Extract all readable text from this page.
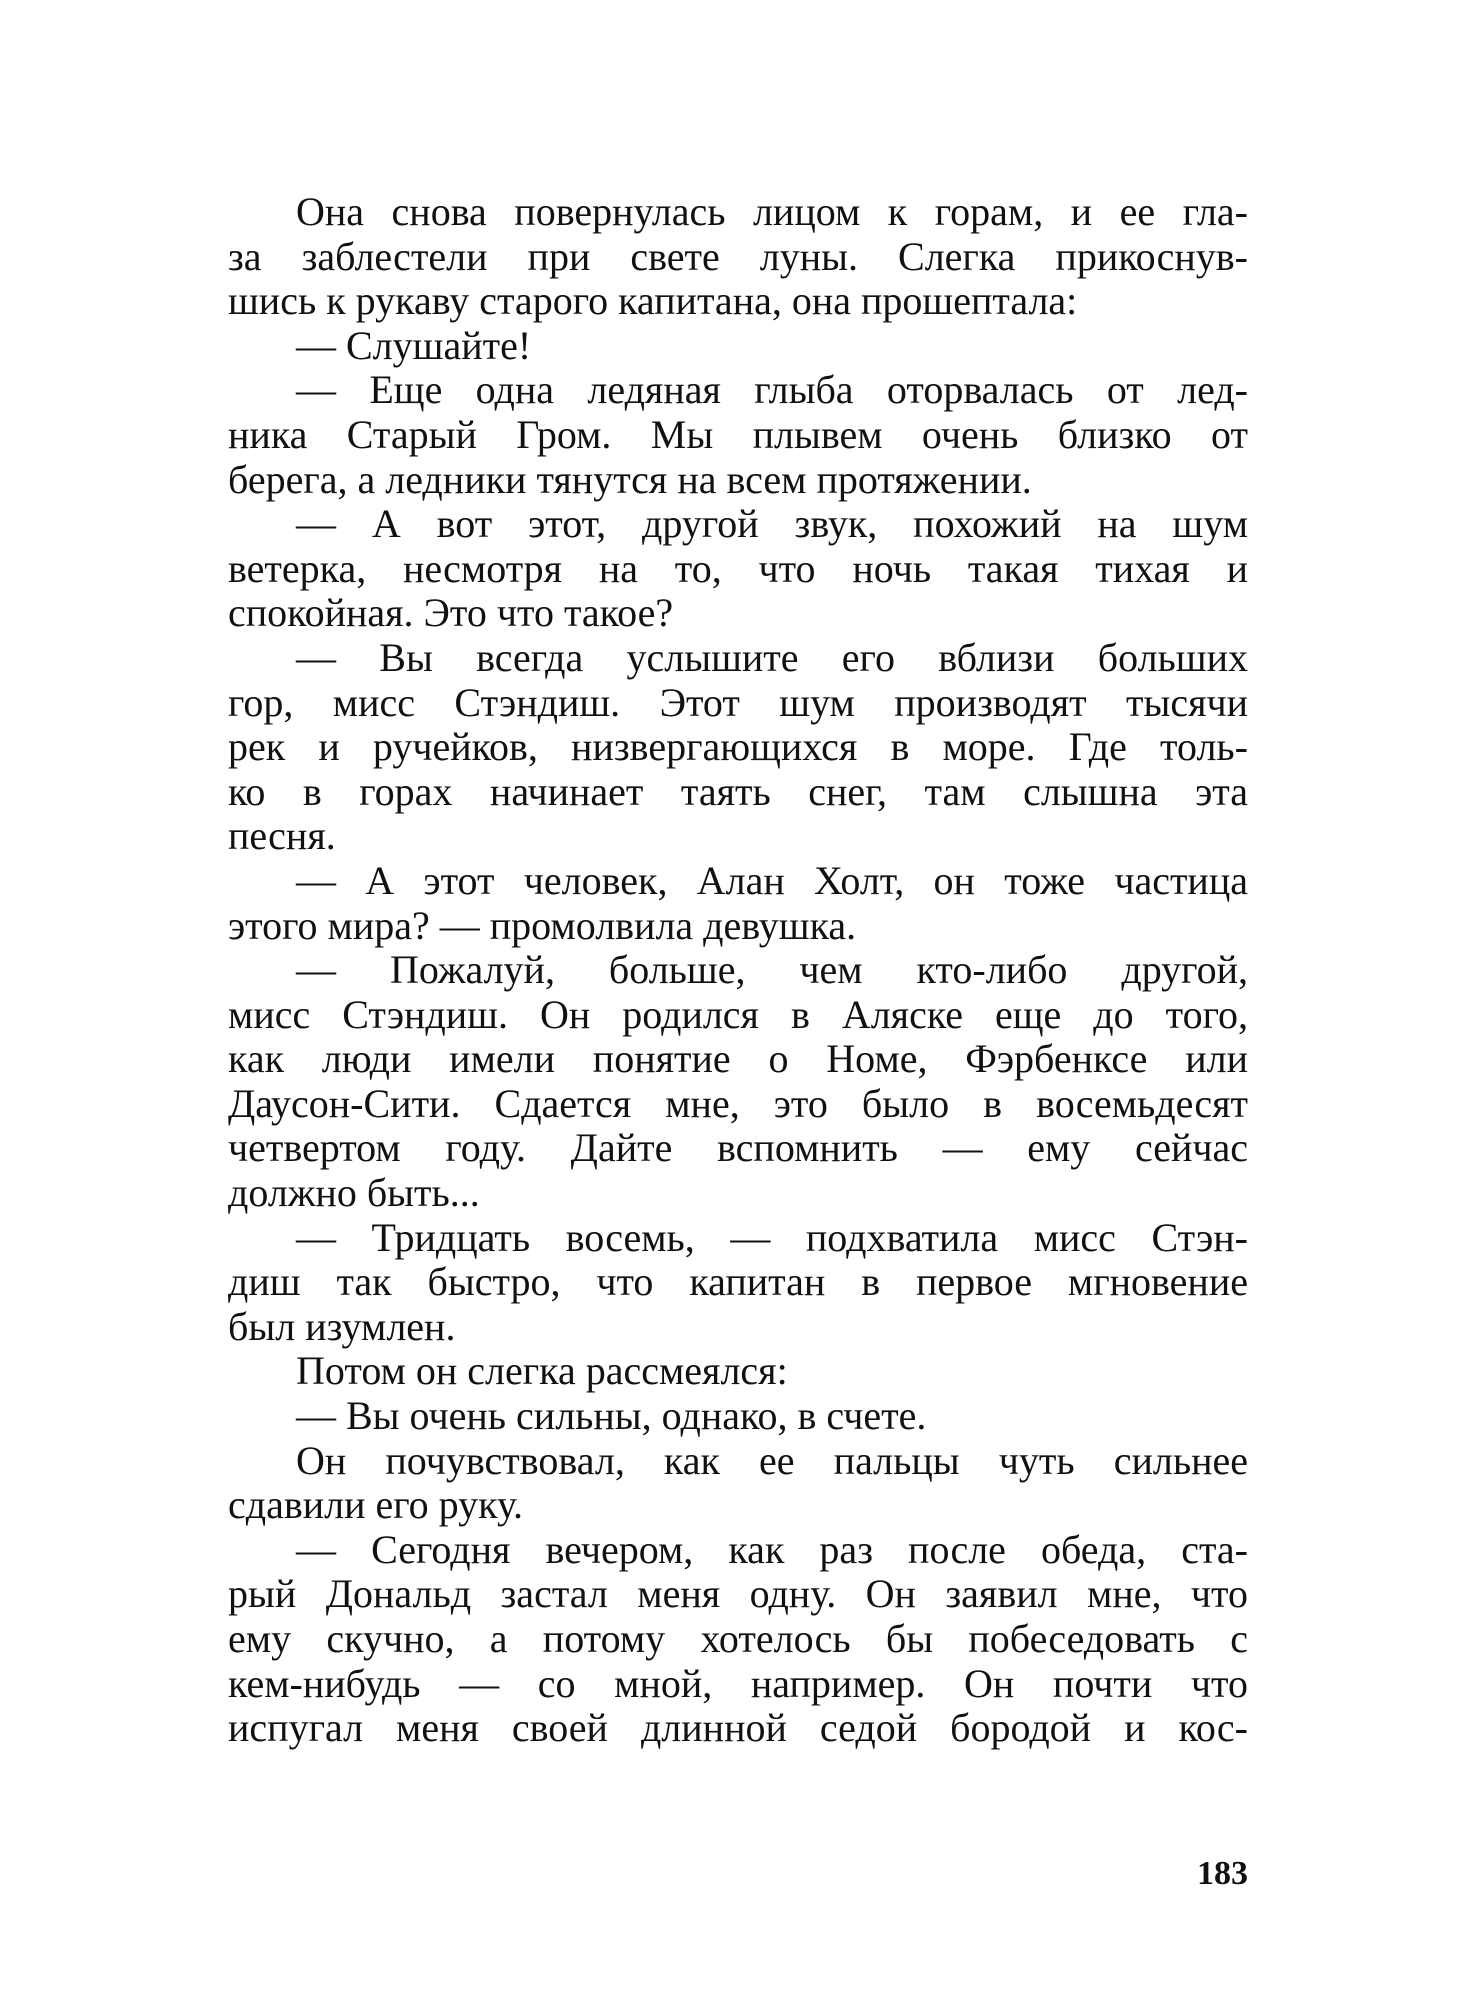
Она снова повернулась лицом к горам, и ее гла-
за заблестели при свете луны. Слегка прикоснув-
шись к рукаву старого капитана, она прошептала:
— Слушайте!
— Еще одна ледяная глыба оторвалась от лед-
ника Старый Гром. Мы плывем очень близко от
берега, а ледники тянутся на всем протяжении.
— А вот этот, другой звук, похожий на шум
ветерка, несмотря на то, что ночь такая тихая и
спокойная. Это что такое?
— Вы всегда услышите его вблизи больших
гор, мисс Стэндиш. Этот шум производят тысячи
рек и ручейков, низвергающихся в море. Где толь-
ко в горах начинает таять снег, там слышна эта
песня.
— А этот человек, Алан Холт, он тоже частица
этого мира? — промолвила девушка.
— Пожалуй, больше, чем кто-либо другой,
мисс Стэндиш. Он родился в Аляске еще до того,
как люди имели понятие о Номе, Фэрбенксе или
Даусон-Сити. Сдается мне, это было в восемьдесят
четвертом году. Дайте вспомнить — ему сейчас
должно быть...
— Тридцать восемь, — подхватила мисс Стэн-
диш так быстро, что капитан в первое мгновение
был изумлен.
Потом он слегка рассмеялся:
— Вы очень сильны, однако, в счете.
Он почувствовал, как ее пальцы чуть сильнее
сдавили его руку.
— Сегодня вечером, как раз после обеда, ста-
рый Дональд застал меня одну. Он заявил мне, что
ему скучно, а потому хотелось бы побеседовать с
кем-нибудь — со мной, например. Он почти что
испугал меня своей длинной седой бородой и кос-
183
